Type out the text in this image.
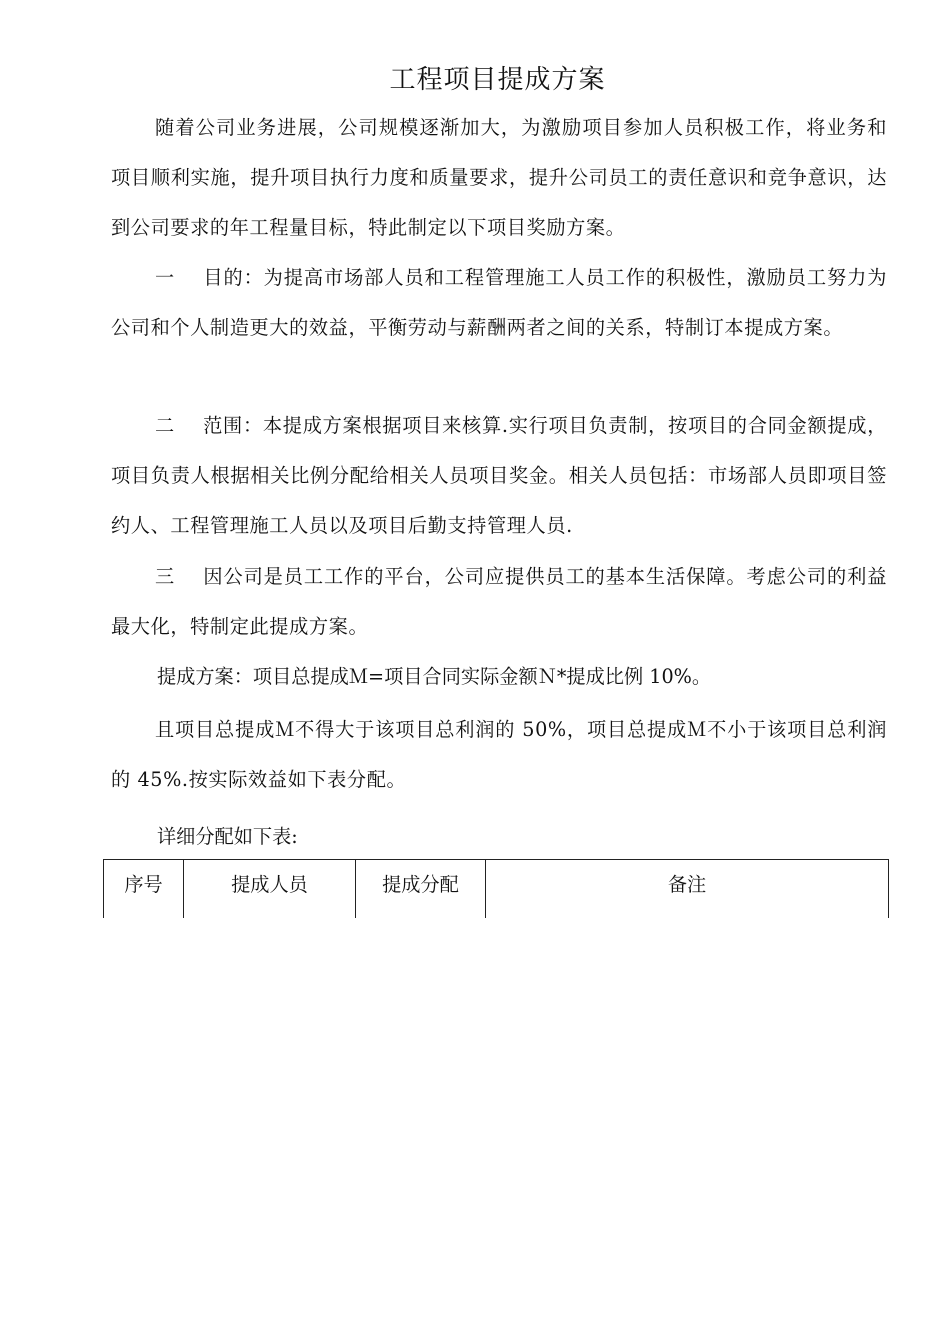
工程项目提成方案
随着公司业务进展，公司规模逐渐加大，为激励项目参加人员积极工作，将业务和项目顺利实施，提升项目执行力度和质量要求，提升公司员工的责任意识和竞争意识，达到公司要求的年工程量目标，特此制定以下项目奖励方案。
一 目的：为提高市场部人员和工程管理施工人员工作的积极性，激励员工努力为公司和个人制造更大的效益，平衡劳动与薪酬两者之间的关系，特制订本提成方案。
二 范围：本提成方案根据项目来核算.实行项目负责制，按项目的合同金额提成，项目负责人根据相关比例分配给相关人员项目奖金。相关人员包括：市场部人员即项目签约人、工程管理施工人员以及项目后勤支持管理人员.
三 因公司是员工工作的平台，公司应提供员工的基本生活保障。考虑公司的利益最大化，特制定此提成方案。
提成方案：项目总提成Ｍ=项目合同实际金额Ｎ*提成比例 10%。
且项目总提成Ｍ不得大于该项目总利润的 50%，项目总提成Ｍ不小于该项目总利润的 45%.按实际效益如下表分配。
详细分配如下表:
序号	提成人员	提成分配	备注
